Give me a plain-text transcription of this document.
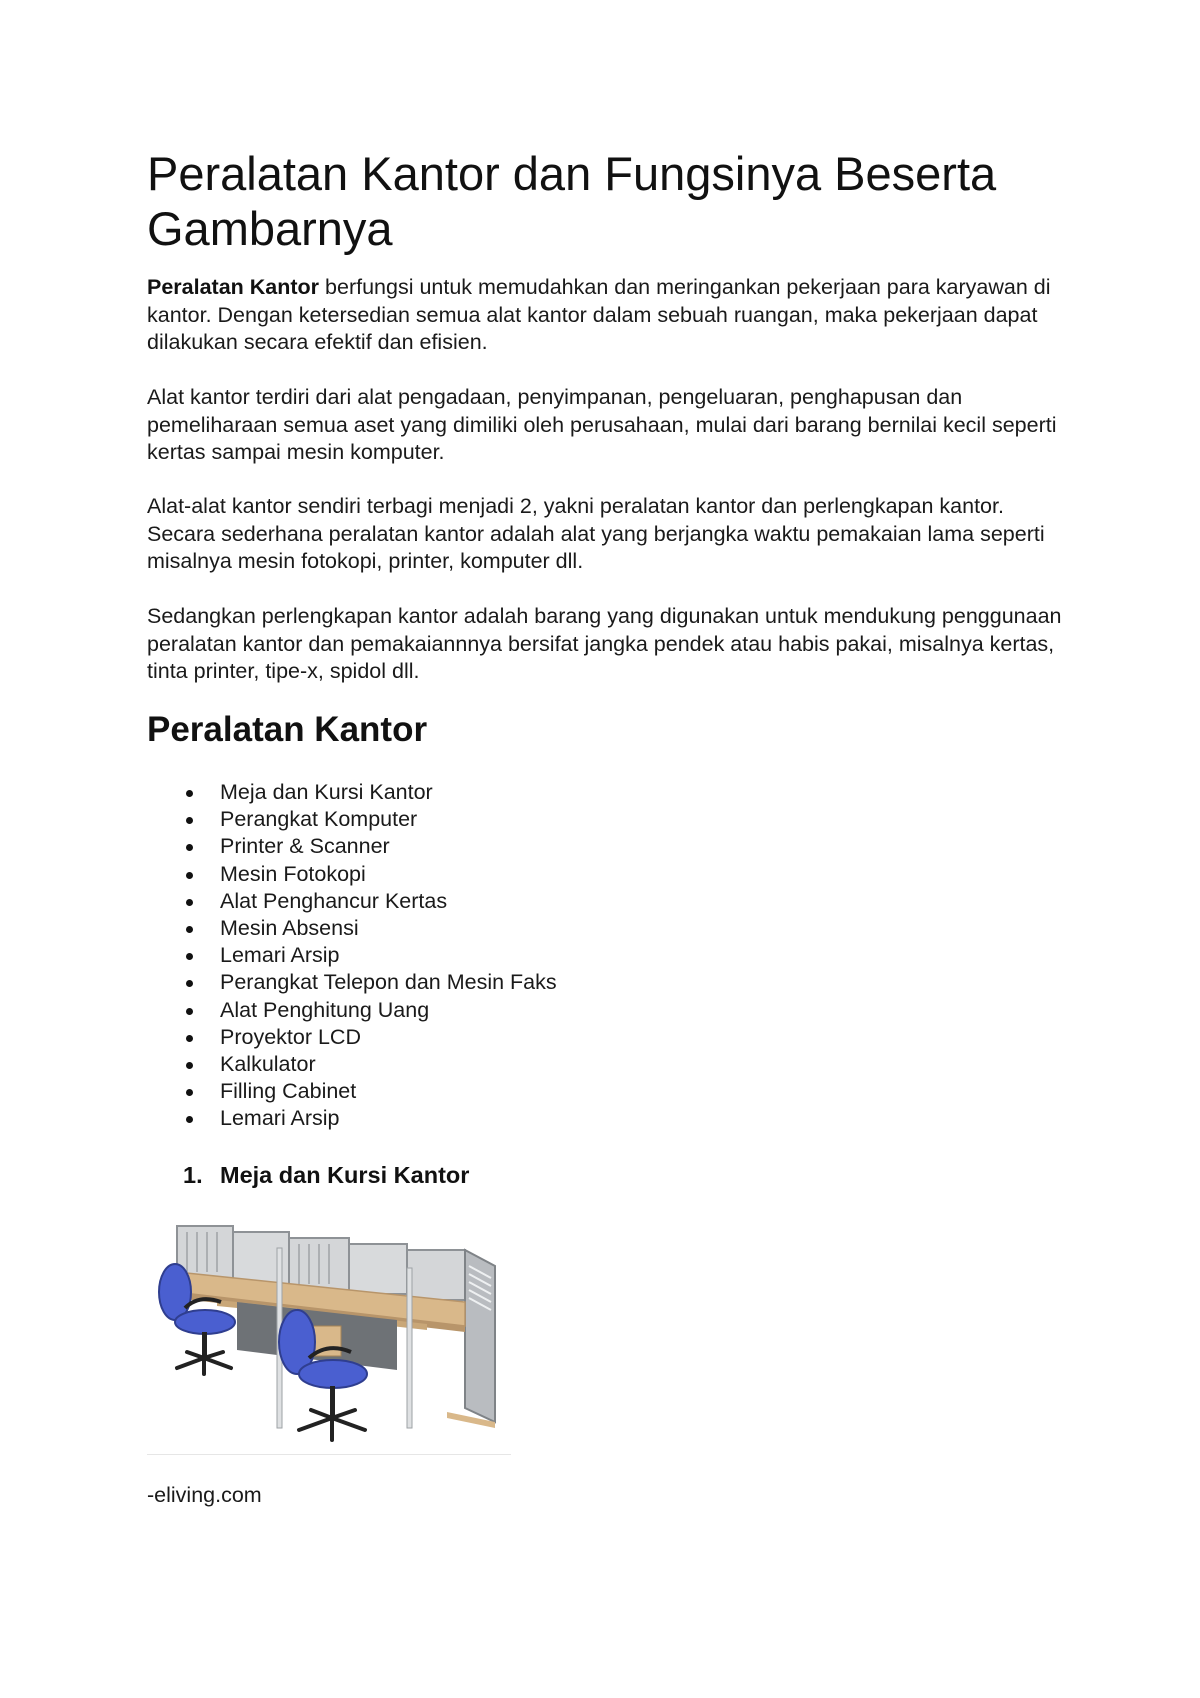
Peralatan Kantor dan Fungsinya Beserta Gambarnya

Peralatan Kantor berfungsi untuk memudahkan dan meringankan pekerjaan para karyawan di kantor. Dengan ketersedian semua alat kantor dalam sebuah ruangan, maka pekerjaan dapat dilakukan secara efektif dan efisien.

Alat kantor terdiri dari alat pengadaan, penyimpanan, pengeluaran, penghapusan dan pemeliharaan semua aset yang dimiliki oleh perusahaan, mulai dari barang bernilai kecil seperti kertas sampai mesin komputer.

Alat-alat kantor sendiri terbagi menjadi 2, yakni peralatan kantor dan perlengkapan kantor. Secara sederhana peralatan kantor adalah alat yang berjangka waktu pemakaian lama seperti misalnya mesin fotokopi, printer, komputer dll.

Sedangkan perlengkapan kantor adalah barang yang digunakan untuk mendukung penggunaan peralatan kantor dan pemakaiannnya bersifat jangka pendek atau habis pakai, misalnya kertas, tinta printer, tipe-x, spidol dll.

Peralatan Kantor
Meja dan Kursi Kantor
Perangkat Komputer
Printer & Scanner
Mesin Fotokopi
Alat Penghancur Kertas
Mesin Absensi
Lemari Arsip
Perangkat Telepon dan Mesin Faks
Alat Penghitung Uang
Proyektor LCD
Kalkulator
Filling Cabinet
Lemari Arsip
1. Meja dan Kursi Kantor

-eliving.com
